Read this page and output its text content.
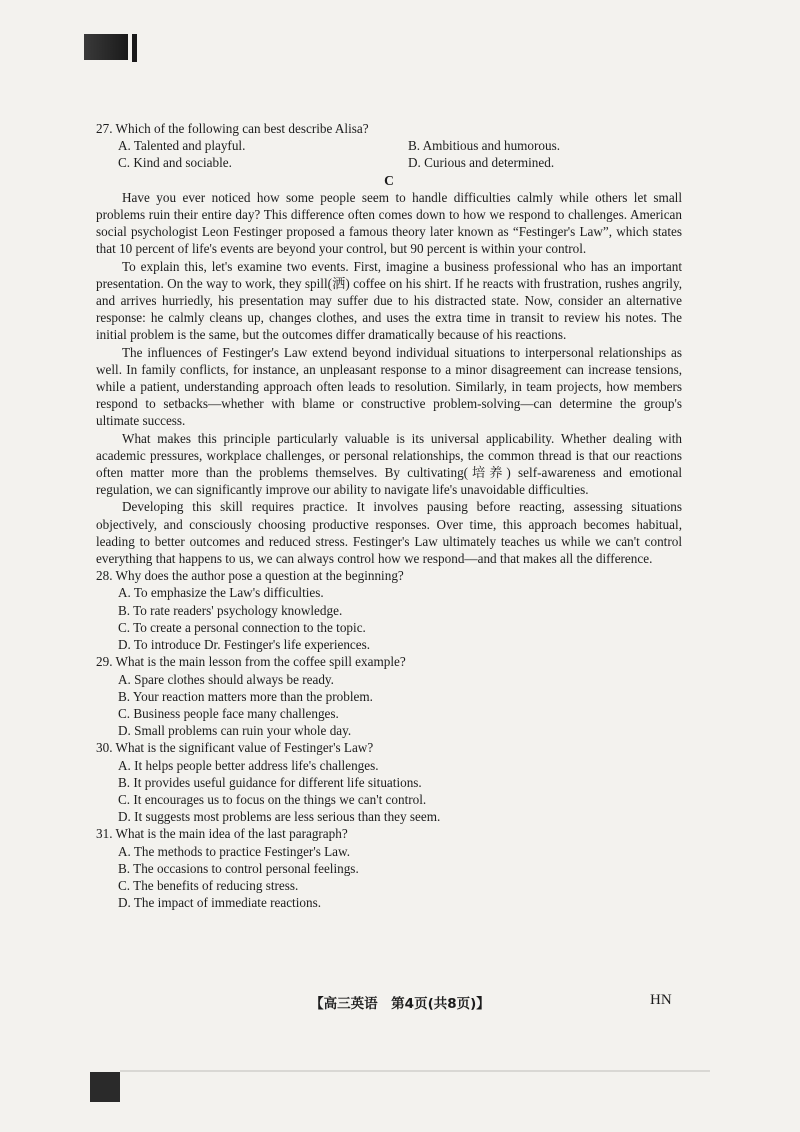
27. Which of the following can best describe Alisa?

A. Talented and playful.	B. Ambitious and humorous.

C. Kind and sociable.	D. Curious and determined.

C

Have you ever noticed how some people seem to handle difficulties calmly while others let small problems ruin their entire day? This difference often comes down to how we respond to challenges. American social psychologist Leon Festinger proposed a famous theory later known as “Festinger's Law”, which states that 10 percent of life's events are beyond your control, but 90 percent is within your control.

To explain this, let's examine two events. First, imagine a business professional who has an important presentation. On the way to work, they spill(洒) coffee on his shirt. If he reacts with frustration, rushes angrily, and arrives hurriedly, his presentation may suffer due to his distracted state. Now, consider an alternative response: he calmly cleans up, changes clothes, and uses the extra time in transit to review his notes. The initial problem is the same, but the outcomes differ dramatically because of his reactions.

The influences of Festinger's Law extend beyond individual situations to interpersonal relationships as well. In family conflicts, for instance, an unpleasant response to a minor disagreement can increase tensions, while a patient, understanding approach often leads to resolution. Similarly, in team projects, how members respond to setbacks—whether with blame or constructive problem-solving—can determine the group's ultimate success.

What makes this principle particularly valuable is its universal applicability. Whether dealing with academic pressures, workplace challenges, or personal relationships, the common thread is that our reactions often matter more than the problems themselves. By cultivating(培养) self-awareness and emotional regulation, we can significantly improve our ability to navigate life's unavoidable difficulties.

Developing this skill requires practice. It involves pausing before reacting, assessing situations objectively, and consciously choosing productive responses. Over time, this approach becomes habitual, leading to better outcomes and reduced stress. Festinger's Law ultimately teaches us while we can't control everything that happens to us, we can always control how we respond—and that makes all the difference.

28. Why does the author pose a question at the beginning?

A. To emphasize the Law's difficulties.

B. To rate readers' psychology knowledge.

C. To create a personal connection to the topic.

D. To introduce Dr. Festinger's life experiences.

29. What is the main lesson from the coffee spill example?

A. Spare clothes should always be ready.

B. Your reaction matters more than the problem.

C. Business people face many challenges.

D. Small problems can ruin your whole day.

30. What is the significant value of Festinger's Law?

A. It helps people better address life's challenges.

B. It provides useful guidance for different life situations.

C. It encourages us to focus on the things we can't control.

D. It suggests most problems are less serious than they seem.

31. What is the main idea of the last paragraph?

A. The methods to practice Festinger's Law.

B. The occasions to control personal feelings.

C. The benefits of reducing stress.

D. The impact of immediate reactions.

【高三英语　第4页(共8页)】	HN
